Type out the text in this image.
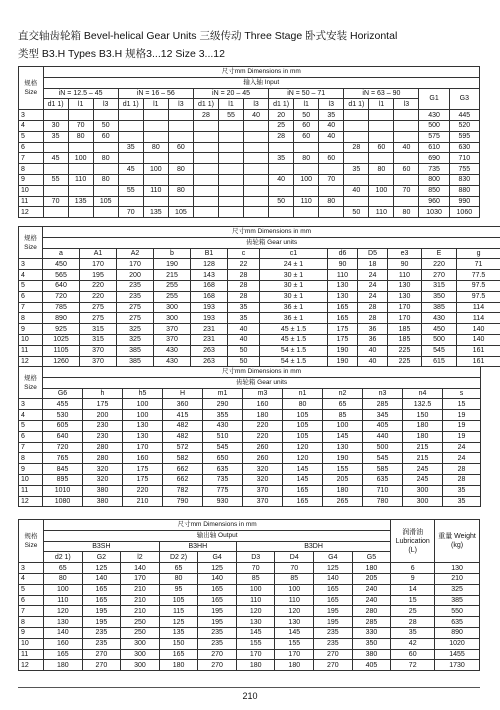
直交轴齿轮箱 Bevel-helical Gear Units 三级传动 Three Stage 卧式安装 Horizontal
类型 B3.H Types B3.H 规格3...12 Size 3...12
规格
Size	尺寸mm Dimensions in mm																
	输入轴 Input																
	iN = 12.5 – 45			iN = 16 – 56			iN = 20 – 45			iN = 50 – 71			iN = 63 – 90			G1	G3
	d1 1)	l1	l3	d1 1)	l1	l3	d1 1)	l1	l3	d1 1)	l1	l3	d1 1)	l1	l3		
3							28	55	40	20	50	35				430	445
4	30	70	50							25	60	40				500	520
5	35	80	60							28	60	40				575	595
6				35	80	60							28	60	40	610	630
7	45	100	80							35	80	60				690	710
8				45	100	80							35	80	60	735	755
9	55	110	80							40	100	70				800	830
10				55	110	80							40	100	70	850	880
11	70	135	105							50	110	80				960	990
12				70	135	105							50	110	80	1030	1060
规格
Size	尺寸mm Dimensions in mm											
	齿轮箱 Gear units											
	a	A1	A2	b	B1	c	c1	d6	D5	e3	E	g
3	450	170	170	190	128	22	24 ± 1	90	18	90	220	71
4	565	195	200	215	143	28	30 ± 1	110	24	110	270	77.5
5	640	220	235	255	168	28	30 ± 1	130	24	130	315	97.5
6	720	220	235	255	168	28	30 ± 1	130	24	130	350	97.5
7	785	275	275	300	193	35	36 ± 1	165	28	170	385	114
8	890	275	275	300	193	35	36 ± 1	165	28	170	430	114
9	925	315	325	370	231	40	45 ± 1.5	175	36	185	450	140
10	1025	315	325	370	231	40	45 ± 1.5	175	36	185	500	140
11	1105	370	385	430	263	50	54 ± 1.5	190	40	225	545	161
12	1260	370	385	430	263	50	54 ± 1.5	190	40	225	615	161
规格
Size	尺寸mm Dimensions in mm										
	齿轮箱 Gear units										
	G6	h	h5	H	m1	m3	n1	n2	n3	n4	s
3	455	175	100	360	290	160	80	65	285	132.5	15
4	530	200	100	415	355	180	105	85	345	150	19
5	605	230	130	482	430	220	105	100	405	180	19
6	640	230	130	482	510	220	105	145	440	180	19
7	720	280	170	572	545	260	120	130	500	215	24
8	765	280	160	582	650	260	120	190	545	215	24
9	845	320	175	662	635	320	145	155	585	245	28
10	895	320	175	662	735	320	145	205	635	245	28
11	1010	380	220	782	775	370	165	180	710	300	35
12	1080	380	210	790	930	370	165	265	780	300	35
规格
Size	尺寸mm Dimensions in mm									润滑油 Lubrication (L)	重量 Weight (kg)
	输出轴 Output										
	B3SH			B3HH		B3DH					
	d2 1)	G2	l2	D2 2)	G4	D3	D4	G4	G5		
3	65	125	140	65	125	70	70	125	180	6	130
4	80	140	170	80	140	85	85	140	205	9	210
5	100	165	210	95	165	100	100	165	240	14	325
6	110	165	210	105	165	110	110	165	240	15	385
7	120	195	210	115	195	120	120	195	280	25	550
8	130	195	250	125	195	130	130	195	285	28	635
9	140	235	250	135	235	145	145	235	330	35	890
10	160	235	300	150	235	155	155	235	350	42	1020
11	165	270	300	165	270	170	170	270	380	60	1455
12	180	270	300	180	270	180	180	270	405	72	1730
210
